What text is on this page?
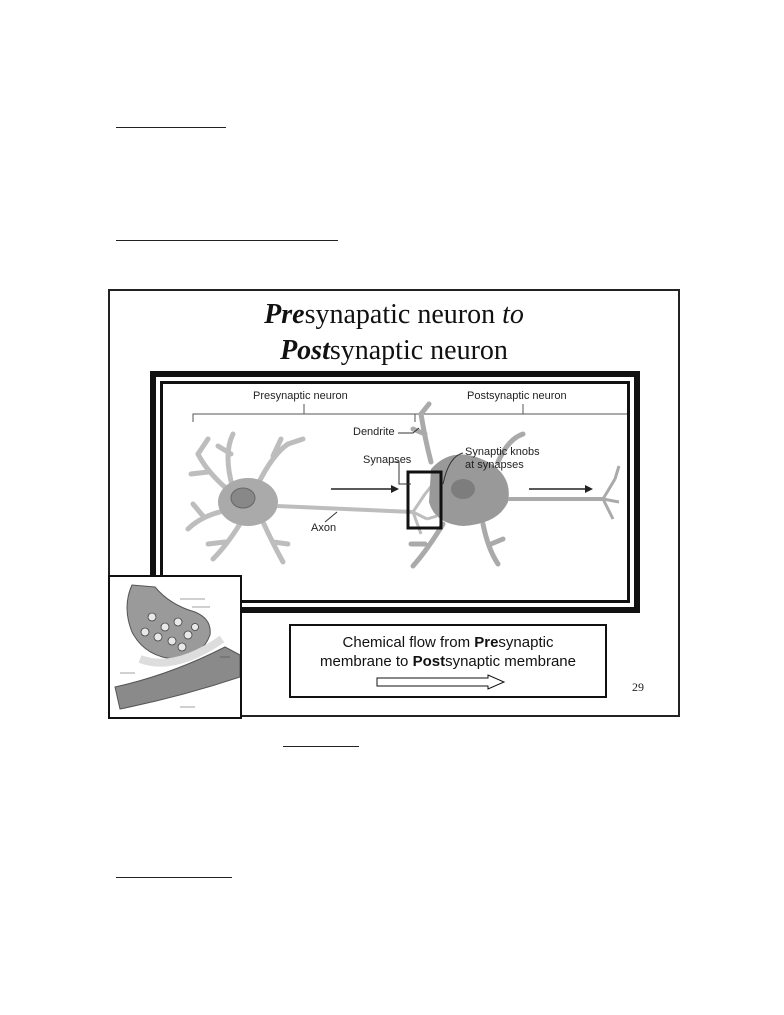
Presynapatic neuron to
Postsynaptic neuron
Presynaptic neuron	Postsynaptic neuron
Dendrite
Synapses
Synaptic knobs
at synapses
Axon
Chemical flow from Presynaptic
membrane to Postsynaptic membrane
29
